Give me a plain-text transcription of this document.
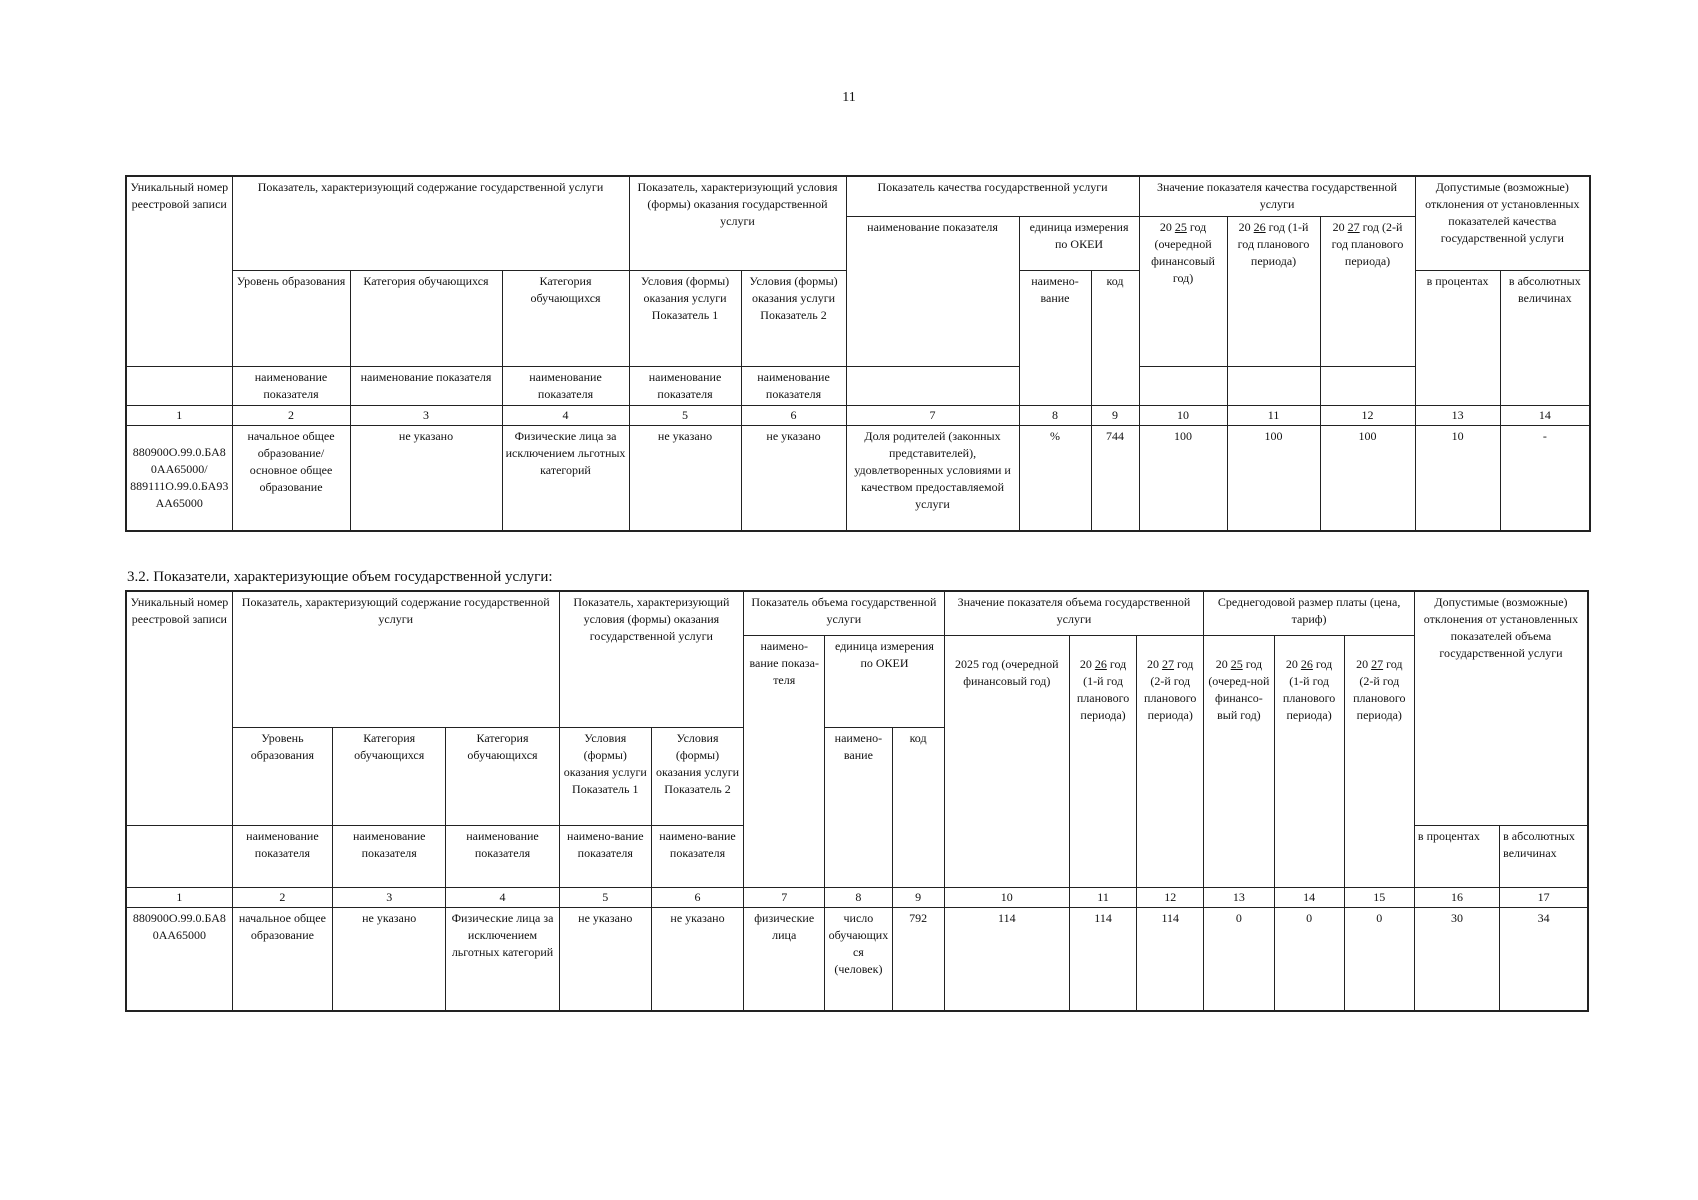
11
Уникальный номер реестровой записи	Показатель, характеризующий содержание государственной услуги			Показатель, характеризующий условия (формы) оказания государственной услуги		Показатель качества государственной услуги			Значение показателя качества государственной услуги			Допустимые (возможные) отклонения от установленных показателей качества государственной услуги	
						наименование показателя	единица измерения по ОКЕИ		20 25 год (очередной финансовый год)	20 26 год (1-й год планового периода)	20 27 год (2-й год планового периода)		
	Уровень образования	Категория обучающихся	Категория обучающихся	Условия (формы) оказания услуги Показатель 1	Условия (формы) оказания услуги Показатель 2		наимено-вание	код				в процентах	в абсолютных величинах
	наименование показателя	наименование показателя	наименование показателя	наименование показателя	наименование показателя								
1	2	3	4	5	6	7	8	9	10	11	12	13	14
880900О.99.0.БА80АА65000/ 889111О.99.0.БА93АА65000	начальное общее образование/ основное общее образование	не указано	Физические лица за исключением льготных категорий	не указано	не указано	Доля родителей (законных представителей), удовлетворенных условиями и качеством предоставляемой услуги	%	744	100	100	100	10	-
3.2. Показатели, характеризующие объем государственной услуги:
Уникальный номер реестровой записи	Показатель, характеризующий содержание государственной услуги			Показатель, характеризующий условия (формы) оказания государственной услуги		Показатель объема государственной услуги			Значение показателя объема государственной услуги			Среднегодовой размер платы (цена, тариф)			Допустимые (возможные) отклонения от установленных показателей объема государственной услуги	
						наимено-вание показа-теля	единица измерения по ОКЕИ		2025 год (очередной финансовый год)	20 26 год (1-й год планового периода)	20 27 год (2-й год планового периода)	20 25 год (очеред-ной финансо-вый год)	20 26 год (1-й год планового периода)	20 27 год (2-й год планового периода)		
	Уровень образования	Категория обучающихся	Категория обучающихся	Условия (формы) оказания услуги Показатель 1	Условия (формы) оказания услуги Показатель 2		наимено-вание	код								
	наименование показателя	наименование показателя	наименование показателя	наимено-вание показателя	наимено-вание показателя										в процентах	в абсолютных величинах
1	2	3	4	5	6	7	8	9	10	11	12	13	14	15	16	17
880900О.99.0.БА80АА65000	начальное общее образование	не указано	Физические лица за исключением льготных категорий	не указано	не указано	физические лица	число обучающихся (человек)	792	114	114	114	0	0	0	30	34
